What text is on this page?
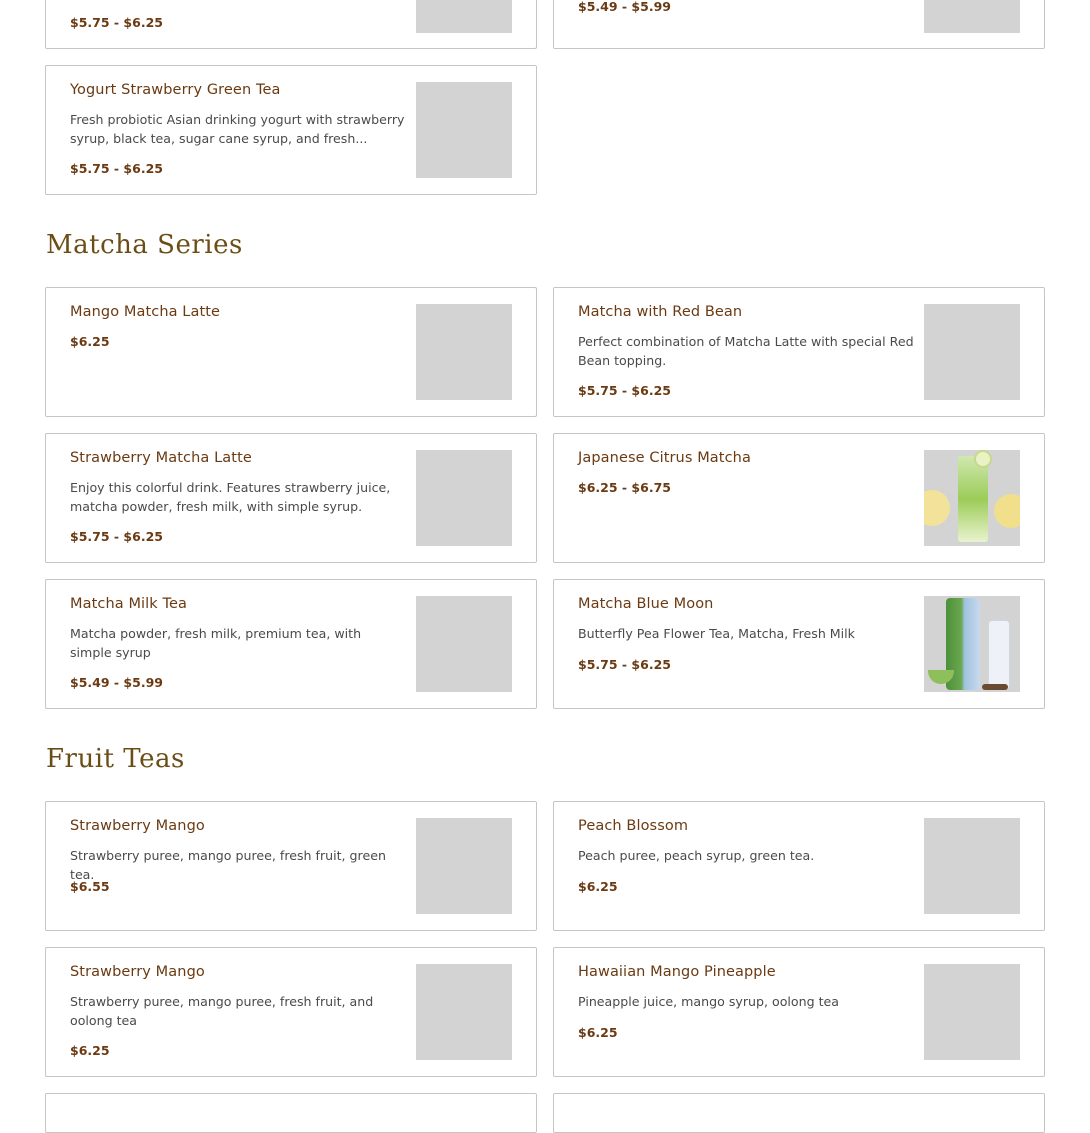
$5.75 - $6.25
$5.49 - $5.99
Yogurt Strawberry Green Tea
Fresh probiotic Asian drinking yogurt with strawberry syrup, black tea, sugar cane syrup, and fresh...
$5.75 - $6.25
Matcha Series
Mango Matcha Latte
$6.25
Matcha with Red Bean
Perfect combination of Matcha Latte with special Red Bean topping.
$5.75 - $6.25
Strawberry Matcha Latte
Enjoy this colorful drink. Features strawberry juice, matcha powder, fresh milk, with simple syrup.
$5.75 - $6.25
Japanese Citrus Matcha
$6.25 - $6.75
Matcha Milk Tea
Matcha powder, fresh milk, premium tea, with simple syrup
$5.49 - $5.99
Matcha Blue Moon
Butterfly Pea Flower Tea, Matcha, Fresh Milk
$5.75 - $6.25
Fruit Teas
Strawberry Mango
Strawberry puree, mango puree, fresh fruit, green tea.
$6.55
Peach Blossom
Peach puree, peach syrup, green tea.
$6.25
Strawberry Mango
Strawberry puree, mango puree, fresh fruit, and oolong tea
$6.25
Hawaiian Mango Pineapple
Pineapple juice, mango syrup, oolong tea
$6.25
